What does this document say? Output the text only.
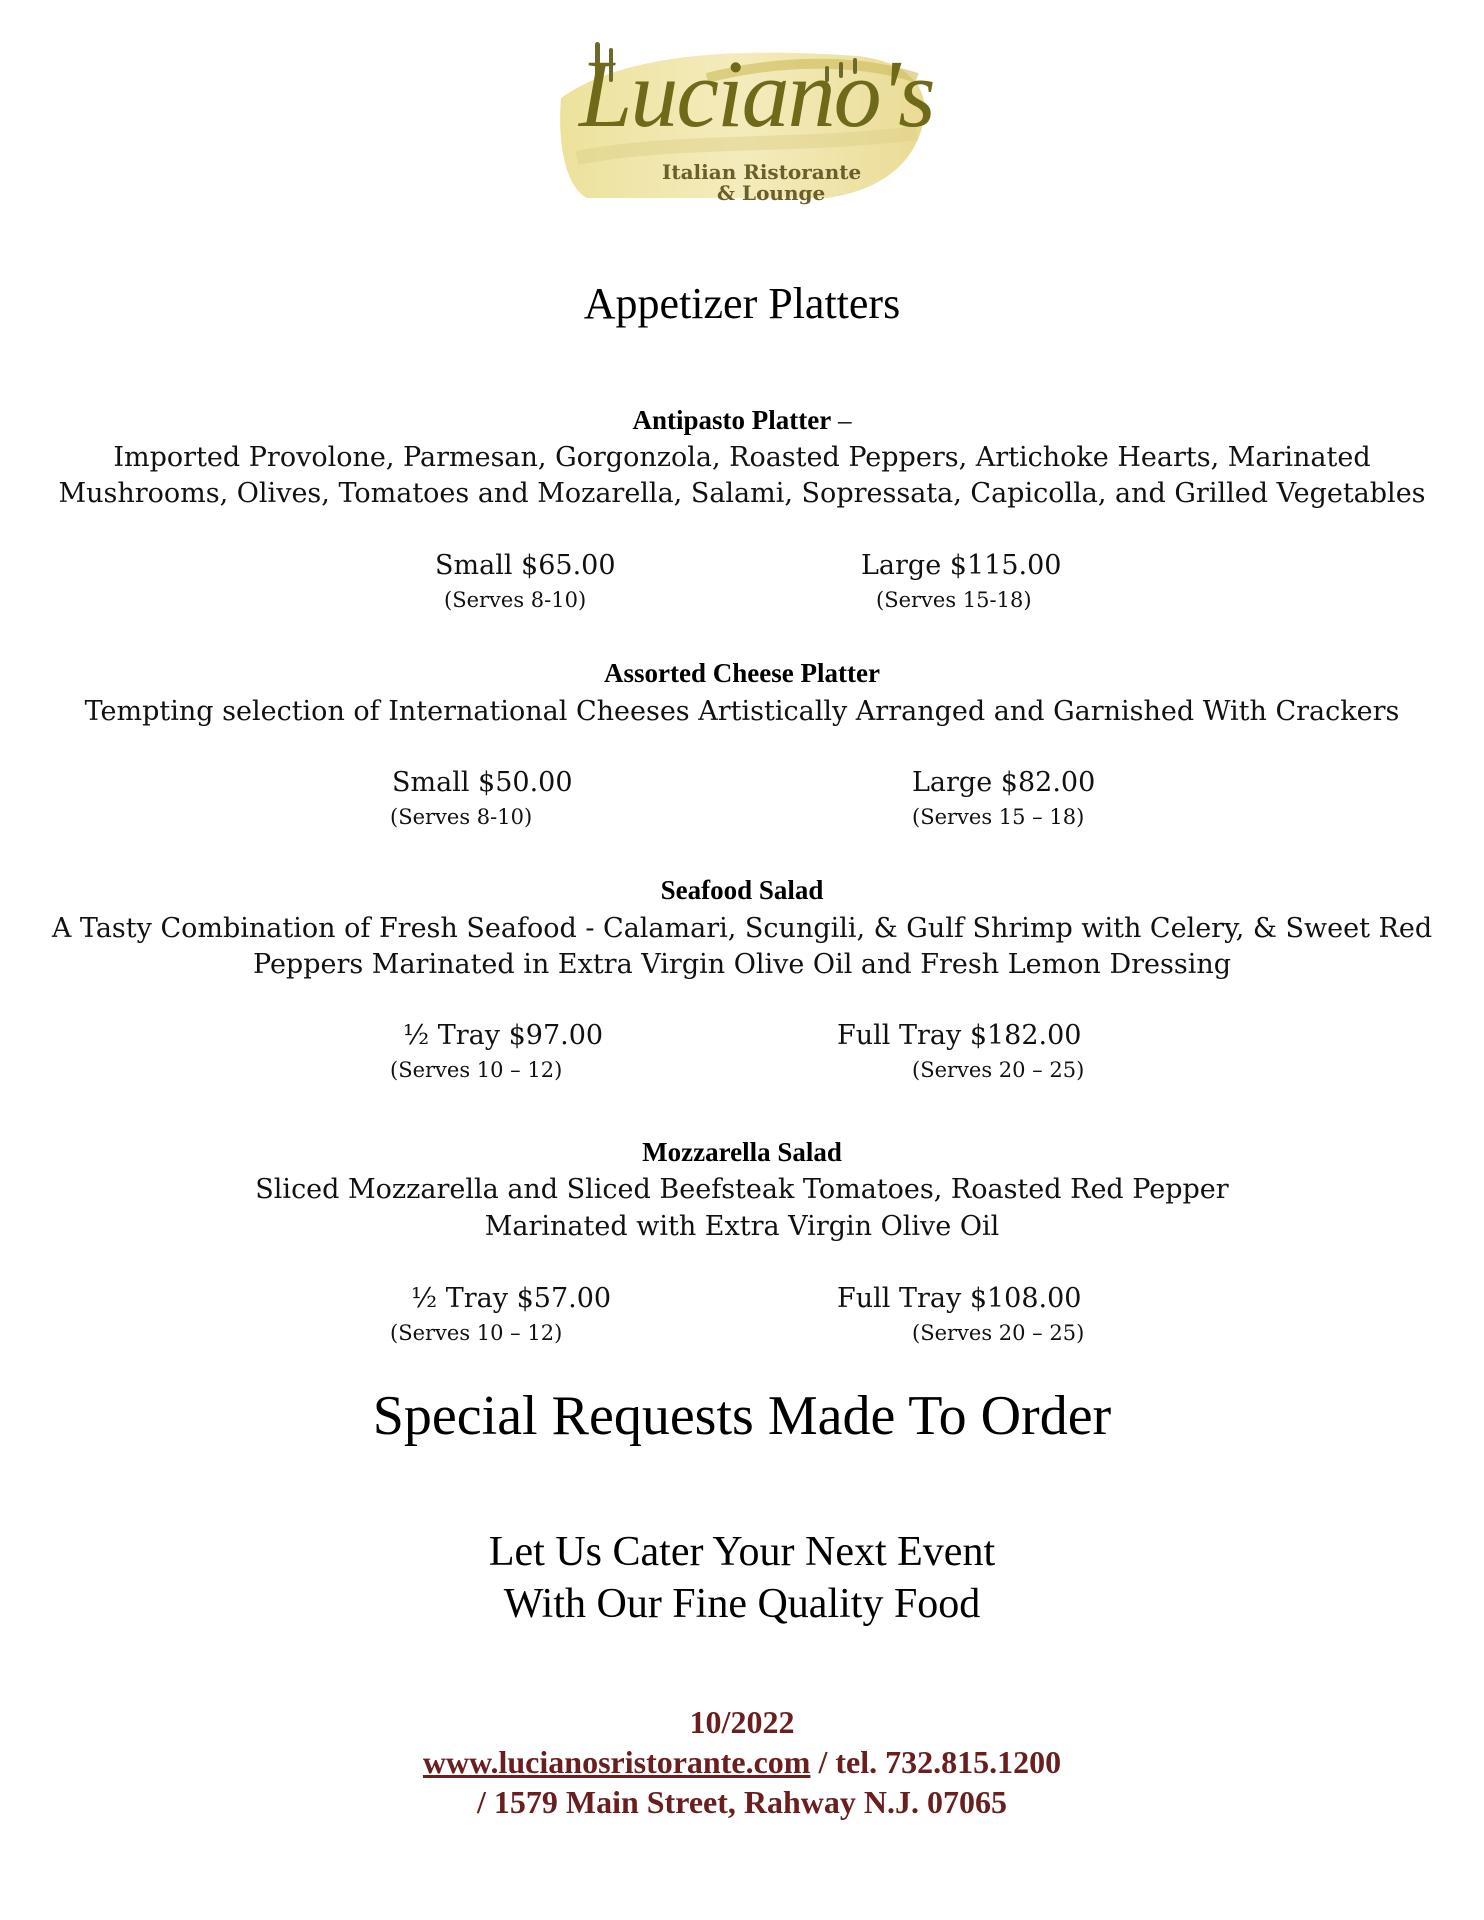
Luciano's
Italian Ristorante
& Lounge
Appetizer Platters
Antipasto Platter –
Imported Provolone, Parmesan, Gorgonzola, Roasted Peppers, Artichoke Hearts, Marinated
Mushrooms, Olives, Tomatoes and Mozarella, Salami, Sopressata, Capicolla, and Grilled Vegetables
Small $65.00
(Serves 8-10)
Large $115.00
(Serves 15-18)
Assorted Cheese Platter
Tempting selection of International Cheeses Artistically Arranged and Garnished With Crackers
Small $50.00
(Serves 8-10)
Large $82.00
(Serves 15 – 18)
Seafood Salad
A Tasty Combination of Fresh Seafood - Calamari, Scungili, & Gulf Shrimp with Celery, & Sweet Red
Peppers Marinated in Extra Virgin Olive Oil and Fresh Lemon Dressing
½ Tray $97.00
(Serves 10 – 12)
Full Tray $182.00
(Serves 20 – 25)
Mozzarella Salad
Sliced Mozzarella and Sliced Beefsteak Tomatoes, Roasted Red Pepper
Marinated with Extra Virgin Olive Oil
½ Tray $57.00
(Serves 10 – 12)
Full Tray $108.00
(Serves 20 – 25)
Special Requests Made To Order
Let Us Cater Your Next Event
With Our Fine Quality Food
10/2022
www.lucianosristorante.com / tel. 732.815.1200
/ 1579 Main Street, Rahway N.J. 07065
